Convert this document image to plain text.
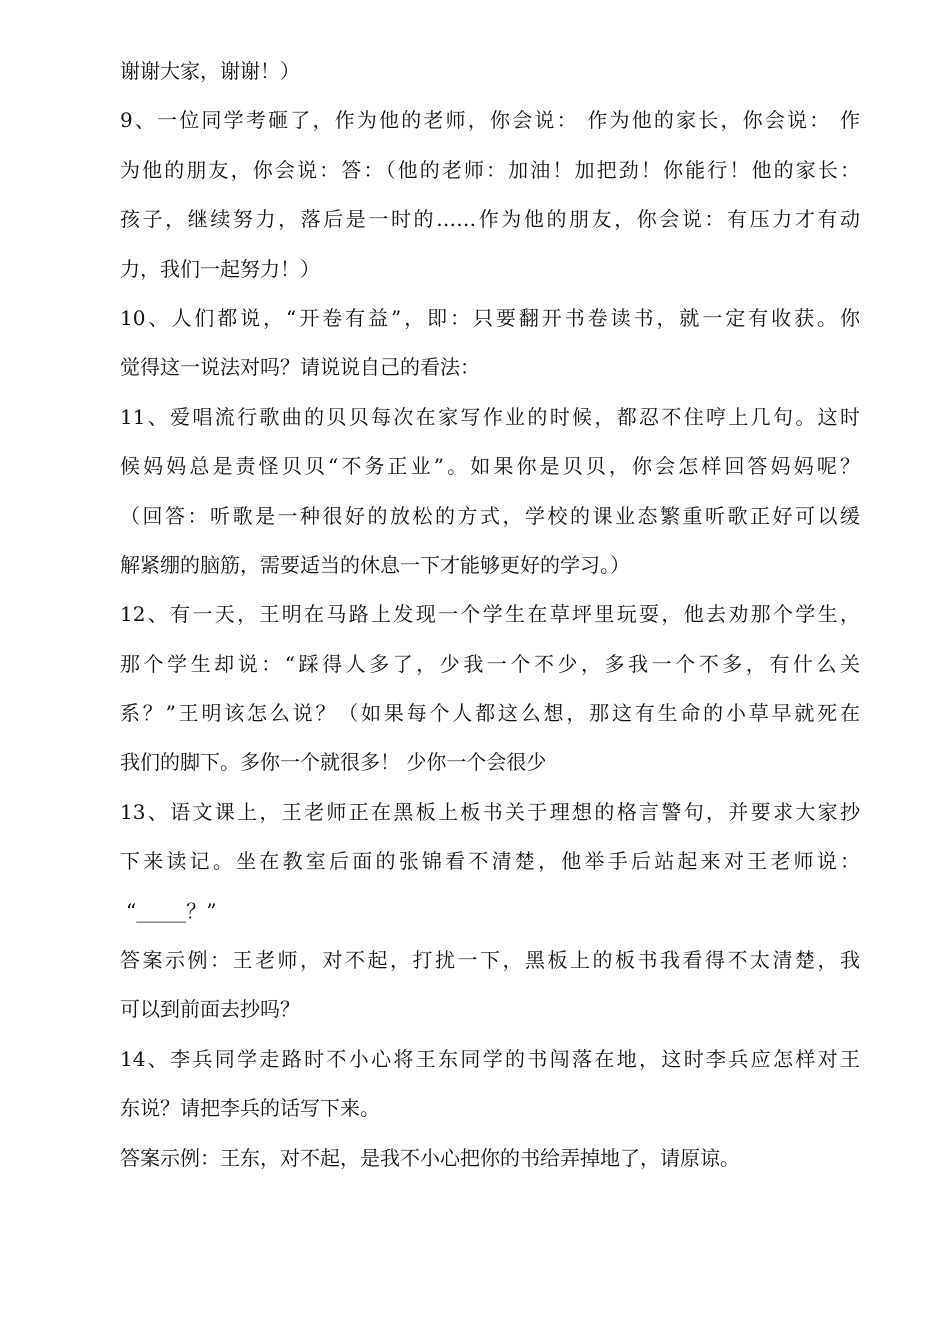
谢谢大家，谢谢！）
9、一位同学考砸了，作为他的老师，你会说： 作为他的家长，你会说： 作
为他的朋友，你会说：答：（他的老师：加油！加把劲！你能行！他的家长：
孩子，继续努力，落后是一时的……作为他的朋友，你会说：有压力才有动
力，我们一起努力！）
10、人们都说，“开卷有益”，即：只要翻开书卷读书，就一定有收获。你
觉得这一说法对吗？请说说自己的看法：
11、爱唱流行歌曲的贝贝每次在家写作业的时候，都忍不住哼上几句。这时
候妈妈总是责怪贝贝“不务正业”。如果你是贝贝，你会怎样回答妈妈呢？
（回答：听歌是一种很好的放松的方式，学校的课业态繁重听歌正好可以缓
解紧绷的脑筋，需要适当的休息一下才能够更好的学习。）
12、有一天，王明在马路上发现一个学生在草坪里玩耍，他去劝那个学生，
那个学生却说：“踩得人多了，少我一个不少，多我一个不多，有什么关
系？”王明该怎么说？（如果每个人都这么想，那这有生命的小草早就死在
我们的脚下。多你一个就很多！ 少你一个会很少
13、语文课上，王老师正在黑板上板书关于理想的格言警句，并要求大家抄
下来读记。坐在教室后面的张锦看不清楚，他举手后站起来对王老师说：
“_____？”
答案示例：王老师，对不起，打扰一下，黑板上的板书我看得不太清楚，我
可以到前面去抄吗？
14、李兵同学走路时不小心将王东同学的书闯落在地，这时李兵应怎样对王
东说？请把李兵的话写下来。
答案示例：王东，对不起，是我不小心把你的书给弄掉地了，请原谅。
